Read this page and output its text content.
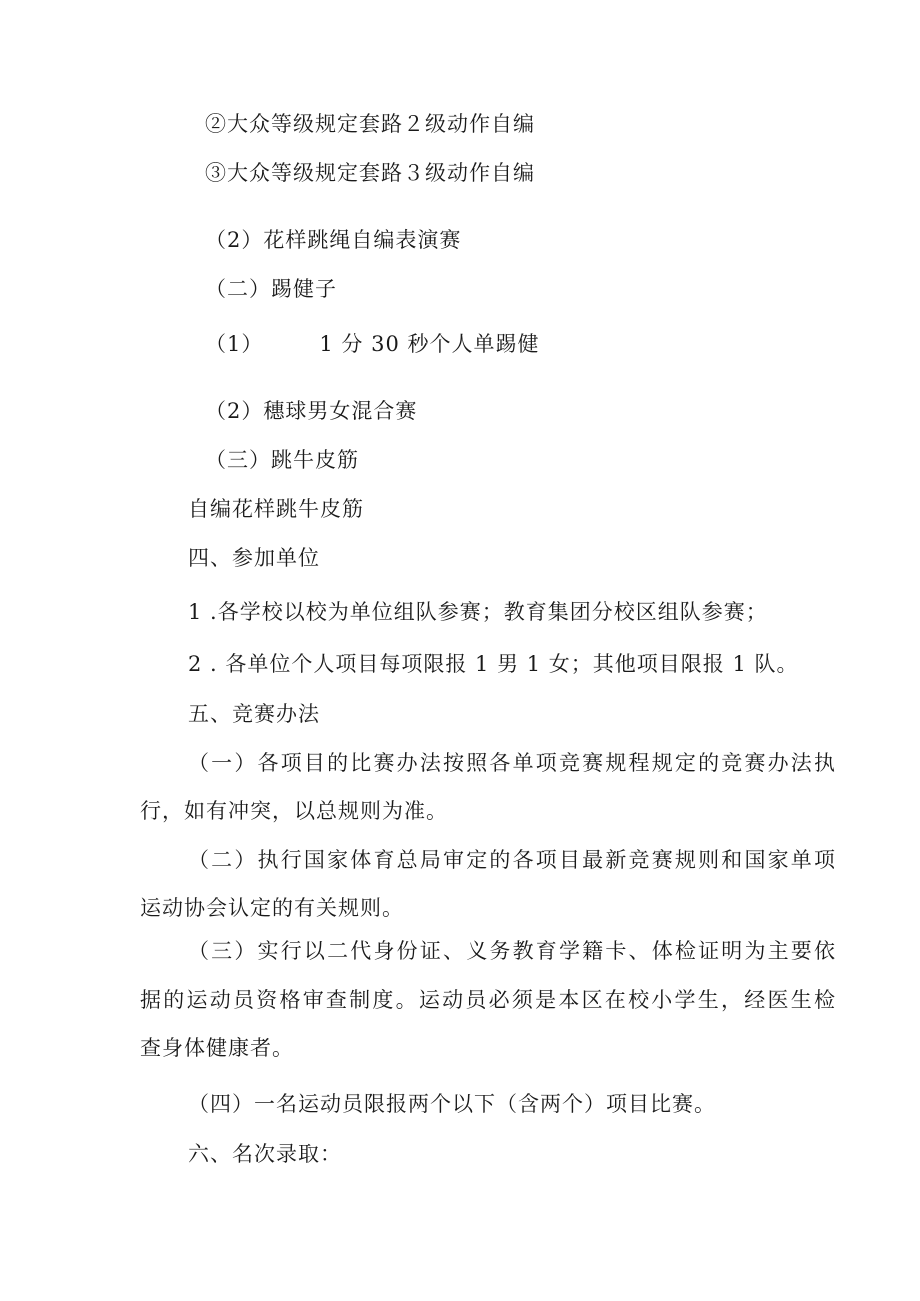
②大众等级规定套路２级动作自编
③大众等级规定套路３级动作自编
（2）花样跳绳自编表演赛
（二）踢健子
（1）	1 分 30 秒个人单踢健
（2）穗球男女混合赛
（三）跳牛皮筋
自编花样跳牛皮筋
四、参加单位
1 .各学校以校为单位组队参赛；教育集团分校区组队参赛；
2 . 各单位个人项目每项限报 1 男 1 女；其他项目限报 1 队。
五、竞赛办法
（一）各项目的比赛办法按照各单项竞赛规程规定的竞赛办法执
行，如有冲突，以总规则为准。
（二）执行国家体育总局审定的各项目最新竞赛规则和国家单项
运动协会认定的有关规则。
（三）实行以二代身份证、义务教育学籍卡、体检证明为主要依
据的运动员资格审查制度。运动员必须是本区在校小学生，经医生检
查身体健康者。
（四）一名运动员限报两个以下（含两个）项目比赛。
六、名次录取：
